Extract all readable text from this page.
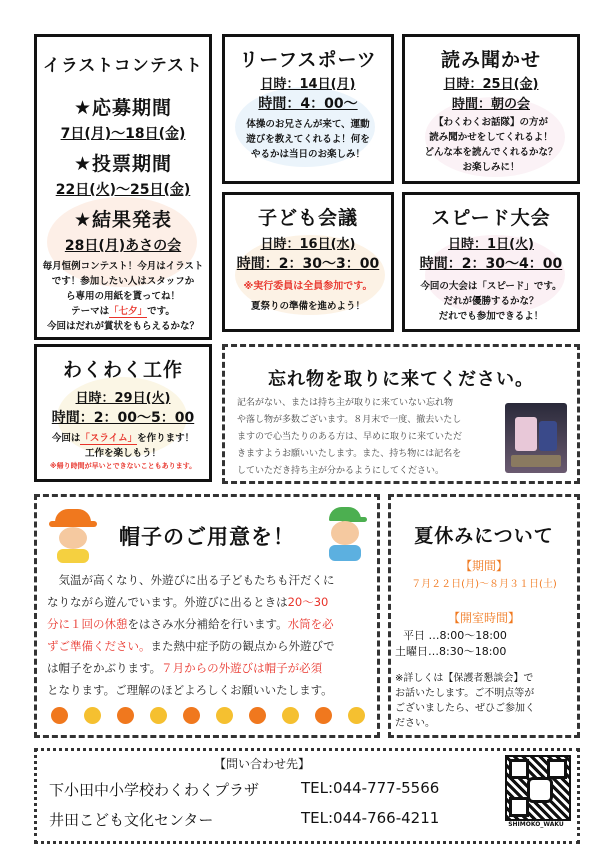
イラストコンテスト
★応募期間
7日(月)～18日(金)
★投票期間
22日(火)～25日(金)
★結果発表
28日(月)あさの会
毎月恒例コンテスト！今月はイラスト
です！参加したい人はスタッフか
ら専用の用紙を貰ってね！
テーマは「七夕」です。
今回はだれが賞状をもらえるかな？
リーフスポーツ
日時：14日(月)
時間：4：00～
体操のお兄さんが来て、運動
遊びを教えてくれるよ！何を
やるかは当日のお楽しみ！
読み聞かせ
日時：25日(金)
時間：朝の会
【わくわくお話隊】の方が
読み聞かせをしてくれるよ！
どんな本を読んでくれるかな？
お楽しみに！
子ども会議
日時：16日(水)
時間：2：30～3：00
※実行委員は全員参加です。
夏祭りの準備を進めよう！
スピード大会
日時：1日(火)
時間：2：30～4：00
今回の大会は「スピード」です。
だれが優勝するかな？
だれでも参加できるよ！
わくわく工作
日時：29日(火)
時間：2：00～5：00
今回は「スライム」を作ります！
工作を楽しもう！
※帰り時間が早いとできないこともあります。
忘れ物を取りに来てください。
記名がない、または持ち主が取りに来ていない忘れ物
や落し物が多数ございます。８月末で一度、撤去いたし
ますので心当たりのある方は、早めに取りに来ていただ
きますようお願いいたします。また、持ち物には記名を
していただき持ち主が分かるようにしてください。
帽子のご用意を！
気温が高くなり、外遊びに出る子どもたちも汗だくに
なりながら遊んでいます。外遊びに出るときは20～30
分に１回の休憩をはさみ水分補給を行います。水筒を必
ずご準備ください。また熱中症予防の観点から外遊びで
は帽子をかぶります。７月からの外遊びは帽子が必須
となります。ご理解のほどよろしくお願いいたします。
夏休みについて
【期間】
７月２２日(月)～８月３１日(土)
【開室時間】
平日 …8:00～18:00
土曜日…8:30～18:00
※詳しくは【保護者懇談会】で
お話いたします。ご不明点等が
ございましたら、ぜひご参加く
ださい。
【問い合わせ先】
下小田中小学校わくわくプラザ	TEL:044-777-5566
井田こども文化センター	TEL:044-766-4211	SHIMOKO_WAKU
